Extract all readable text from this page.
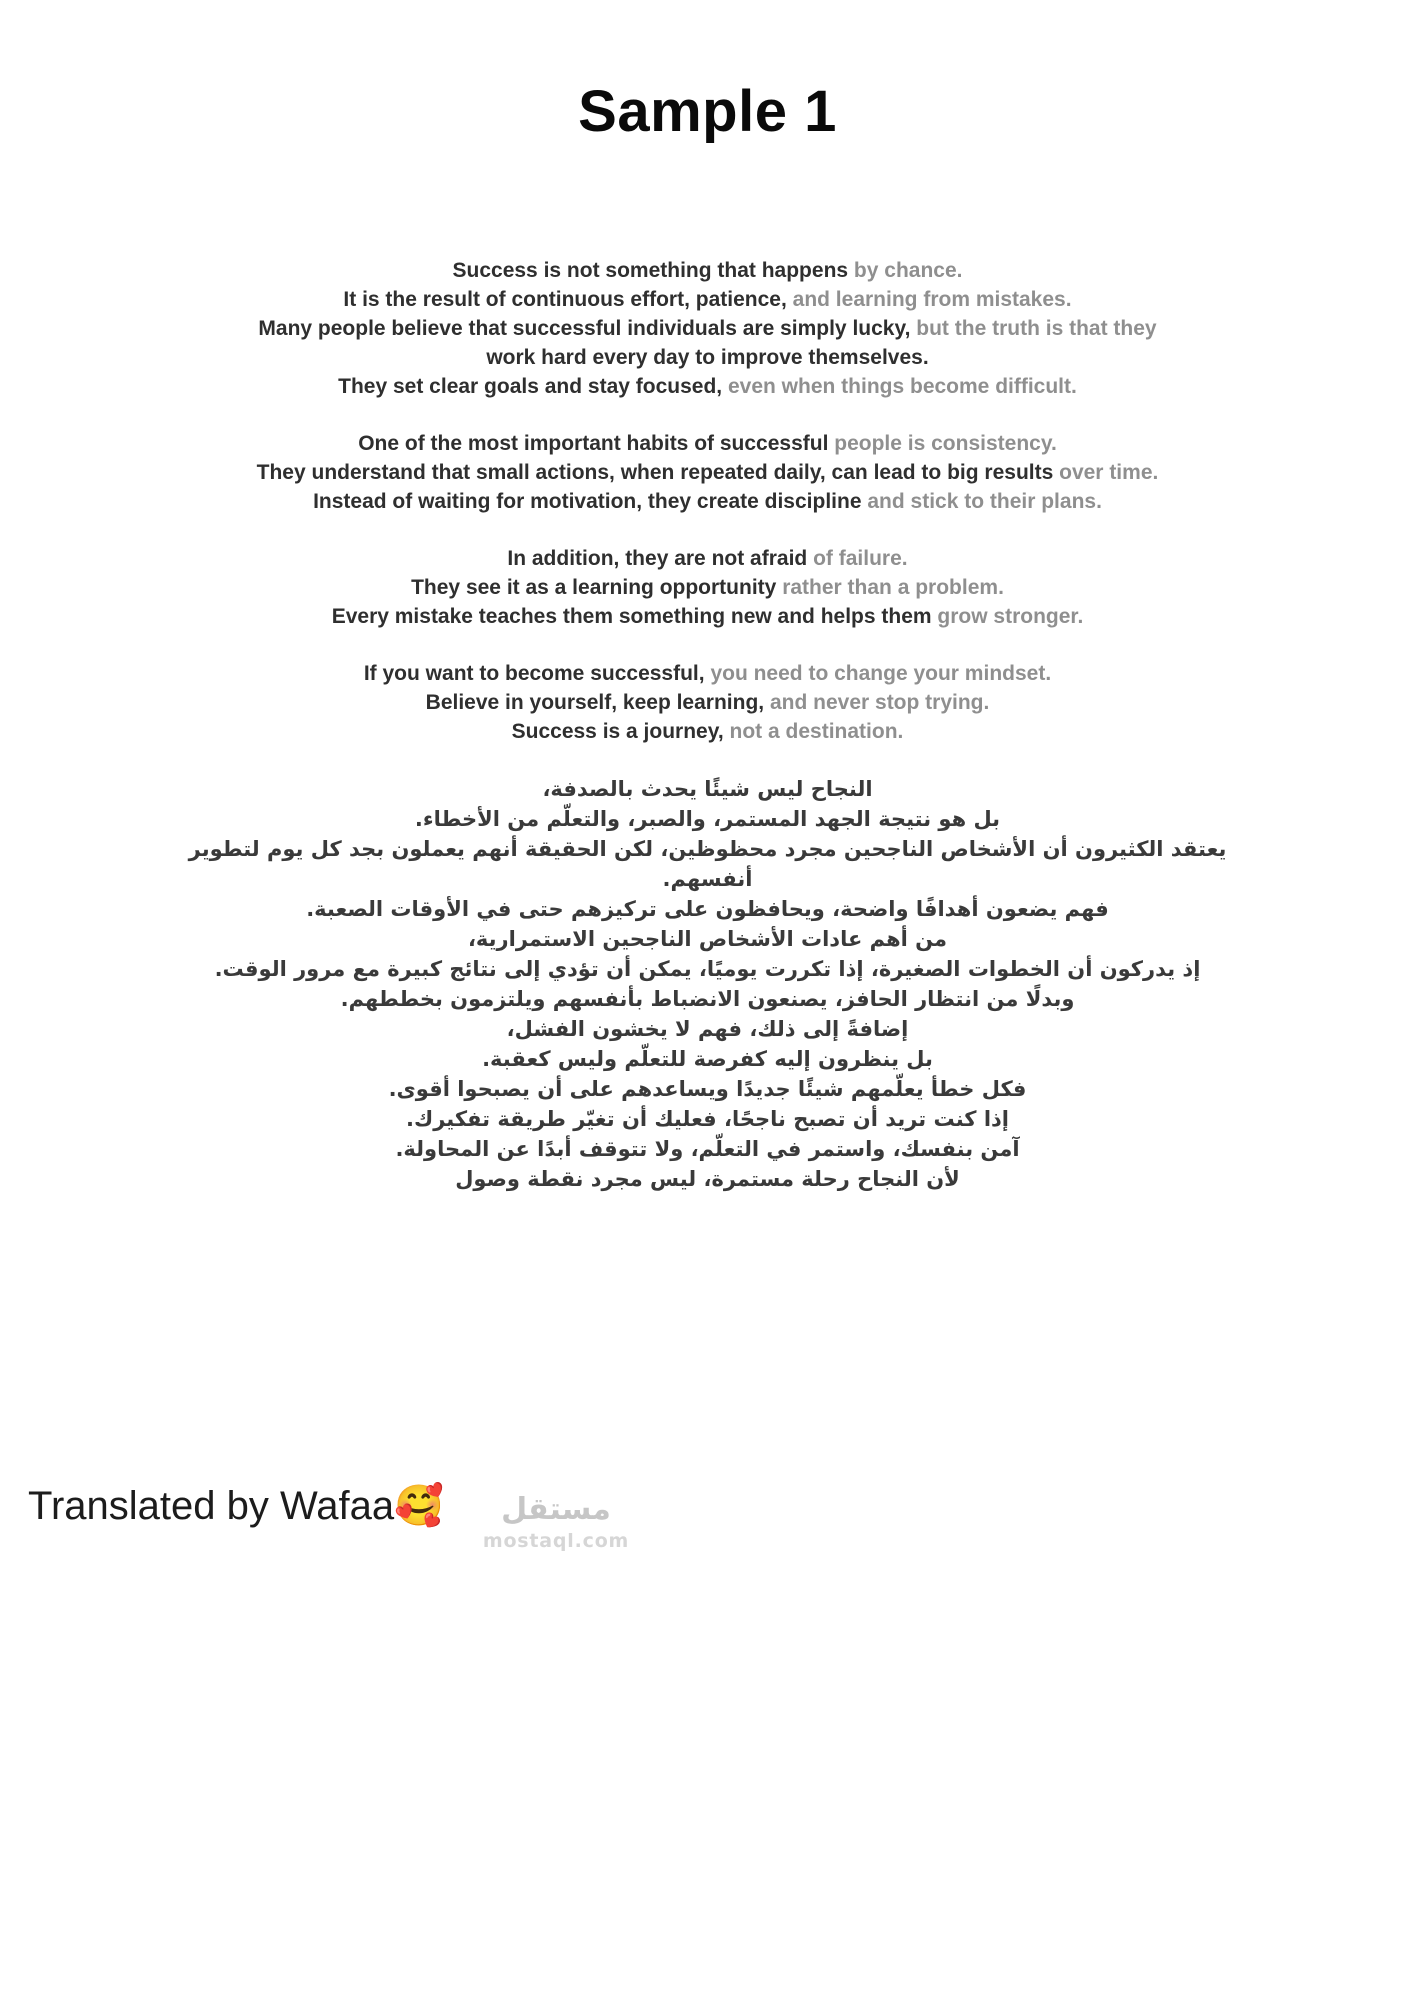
Sample 1
Success is not something that happens by chance.
It is the result of continuous effort, patience, and learning from mistakes.
Many people believe that successful individuals are simply lucky, but the truth is that they
work hard every day to improve themselves.
They set clear goals and stay focused, even when things become difficult.
One of the most important habits of successful people is consistency.
They understand that small actions, when repeated daily, can lead to big results over time.
Instead of waiting for motivation, they create discipline and stick to their plans.
In addition, they are not afraid of failure.
They see it as a learning opportunity rather than a problem.
Every mistake teaches them something new and helps them grow stronger.
If you want to become successful, you need to change your mindset.
Believe in yourself, keep learning, and never stop trying.
Success is a journey, not a destination.
النجاح ليس شيئًا يحدث بالصدفة،
بل هو نتيجة الجهد المستمر، والصبر، والتعلّم من الأخطاء.
يعتقد الكثيرون أن الأشخاص الناجحين مجرد محظوظين، لكن الحقيقة أنهم يعملون بجد كل يوم لتطوير
أنفسهم.
فهم يضعون أهدافًا واضحة، ويحافظون على تركيزهم حتى في الأوقات الصعبة.
من أهم عادات الأشخاص الناجحين الاستمرارية،
إذ يدركون أن الخطوات الصغيرة، إذا تكررت يوميًا، يمكن أن تؤدي إلى نتائج كبيرة مع مرور الوقت.
وبدلًا من انتظار الحافز، يصنعون الانضباط بأنفسهم ويلتزمون بخططهم.
إضافةً إلى ذلك، فهم لا يخشون الفشل،
بل ينظرون إليه كفرصة للتعلّم وليس كعقبة.
فكل خطأ يعلّمهم شيئًا جديدًا ويساعدهم على أن يصبحوا أقوى.
إذا كنت تريد أن تصبح ناجحًا، فعليك أن تغيّر طريقة تفكيرك.
آمن بنفسك، واستمر في التعلّم، ولا تتوقف أبدًا عن المحاولة.
لأن النجاح رحلة مستمرة، ليس مجرد نقطة وصول
Translated by Wafaa🥰	مستقل
mostaql.com
